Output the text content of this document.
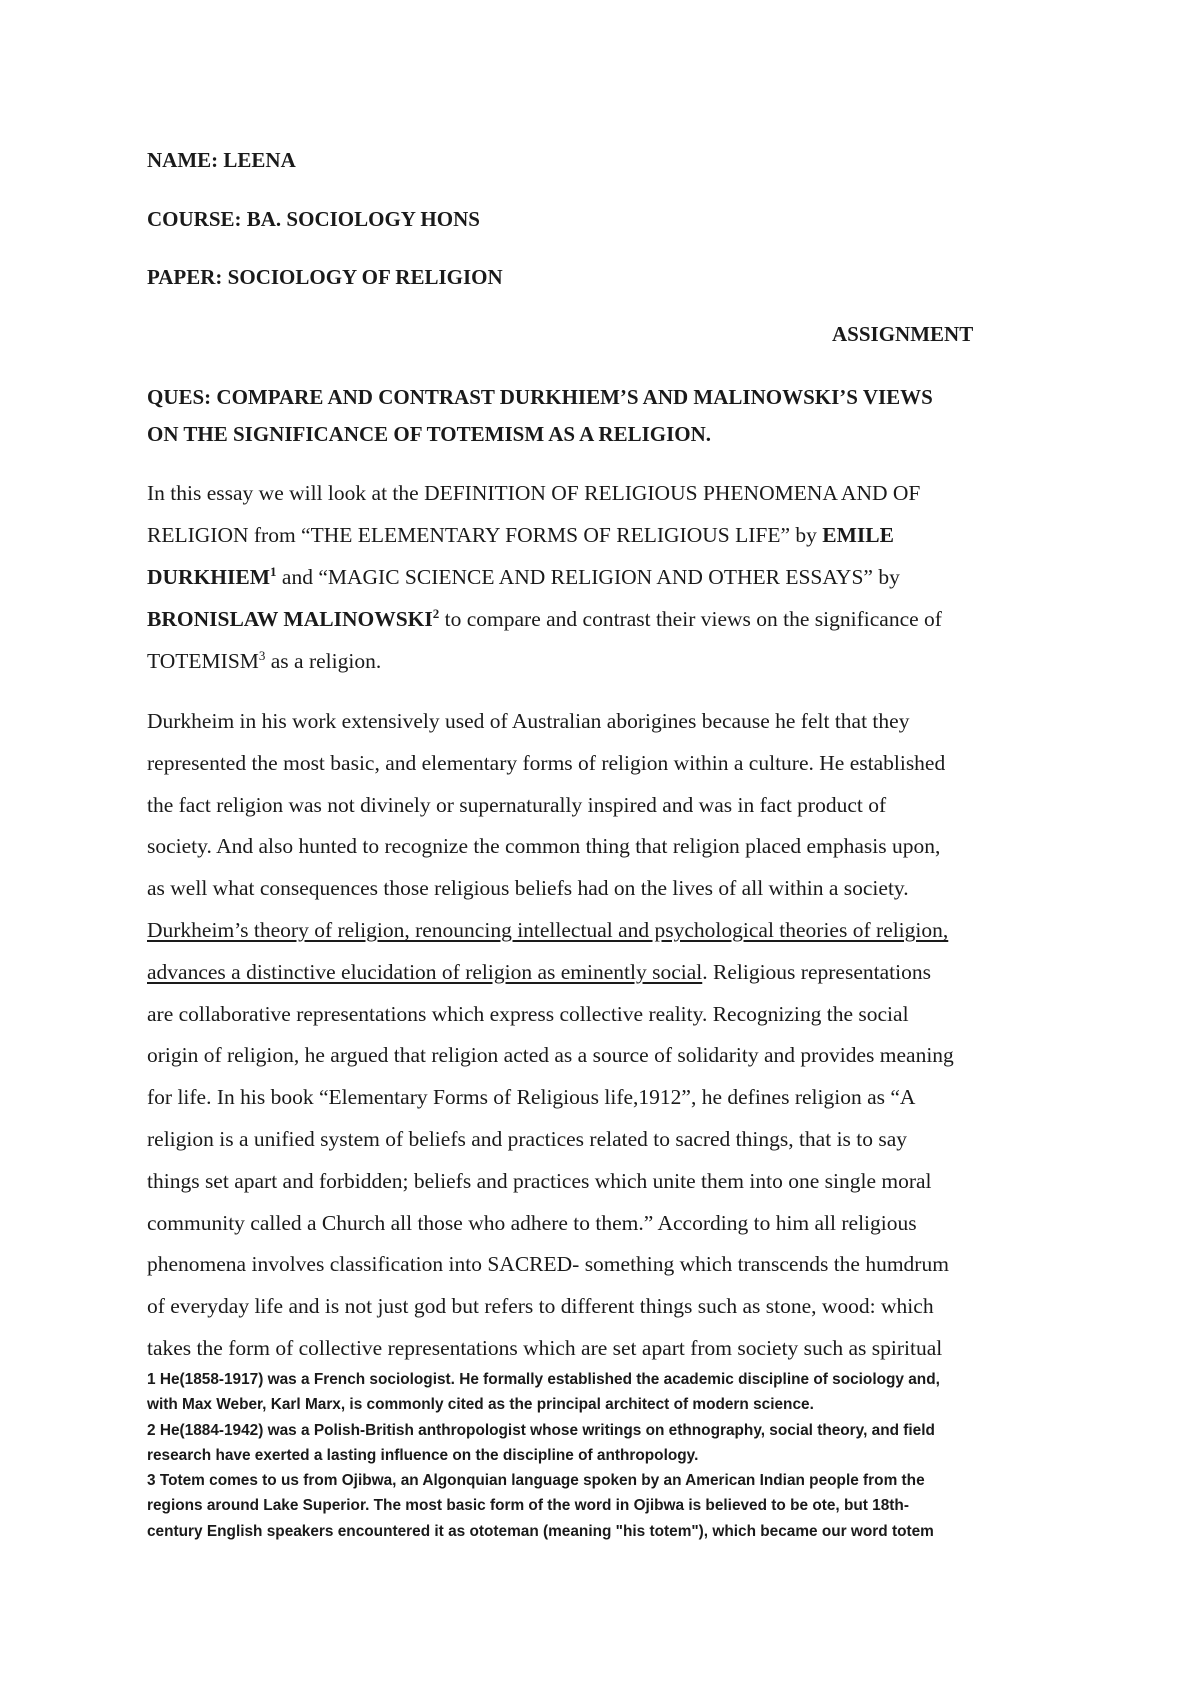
NAME: LEENA
COURSE: BA. SOCIOLOGY HONS
PAPER: SOCIOLOGY OF RELIGION
ASSIGNMENT
QUES: COMPARE AND CONTRAST DURKHIEM’S AND MALINOWSKI’S VIEWS
ON THE SIGNIFICANCE OF TOTEMISM AS A RELIGION.
In this essay we will look at the DEFINITION OF RELIGIOUS PHENOMENA AND OF
RELIGION from “THE ELEMENTARY FORMS OF RELIGIOUS LIFE” by EMILE
DURKHIEM$^1$ and “MAGIC SCIENCE AND RELIGION AND OTHER ESSAYS” by
BRONISLAW MALINOWSKI$^2$ to compare and contrast their views on the significance of
TOTEMISM$^3$ as a religion.
Durkheim in his work extensively used of Australian aborigines because he felt that they
represented the most basic, and elementary forms of religion within a culture. He established
the fact religion was not divinely or supernaturally inspired and was in fact product of
society. And also hunted to recognize the common thing that religion placed emphasis upon,
as well what consequences those religious beliefs had on the lives of all within a society.
Durkheim’s theory of religion, renouncing intellectual and psychological theories of religion,
advances a distinctive elucidation of religion as eminently social. Religious representations
are collaborative representations which express collective reality. Recognizing the social
origin of religion, he argued that religion acted as a source of solidarity and provides meaning
for life. In his book “Elementary Forms of Religious life,1912”, he defines religion as “A
religion is a unified system of beliefs and practices related to sacred things, that is to say
things set apart and forbidden; beliefs and practices which unite them into one single moral
community called a Church all those who adhere to them.” According to him all religious
phenomena involves classification into SACRED- something which transcends the humdrum
of everyday life and is not just god but refers to different things such as stone, wood: which
takes the form of collective representations which are set apart from society such as spiritual
1 He(1858-1917) was a French sociologist. He formally established the academic discipline of sociology and,
with Max Weber, Karl Marx, is commonly cited as the principal architect of modern science.
2 He(1884-1942) was a Polish-British anthropologist whose writings on ethnography, social theory, and field
research have exerted a lasting influence on the discipline of anthropology.
3 Totem comes to us from Ojibwa, an Algonquian language spoken by an American Indian people from the
regions around Lake Superior. The most basic form of the word in Ojibwa is believed to be ote, but 18th-
century English speakers encountered it as ototeman (meaning "his totem"), which became our word totem
